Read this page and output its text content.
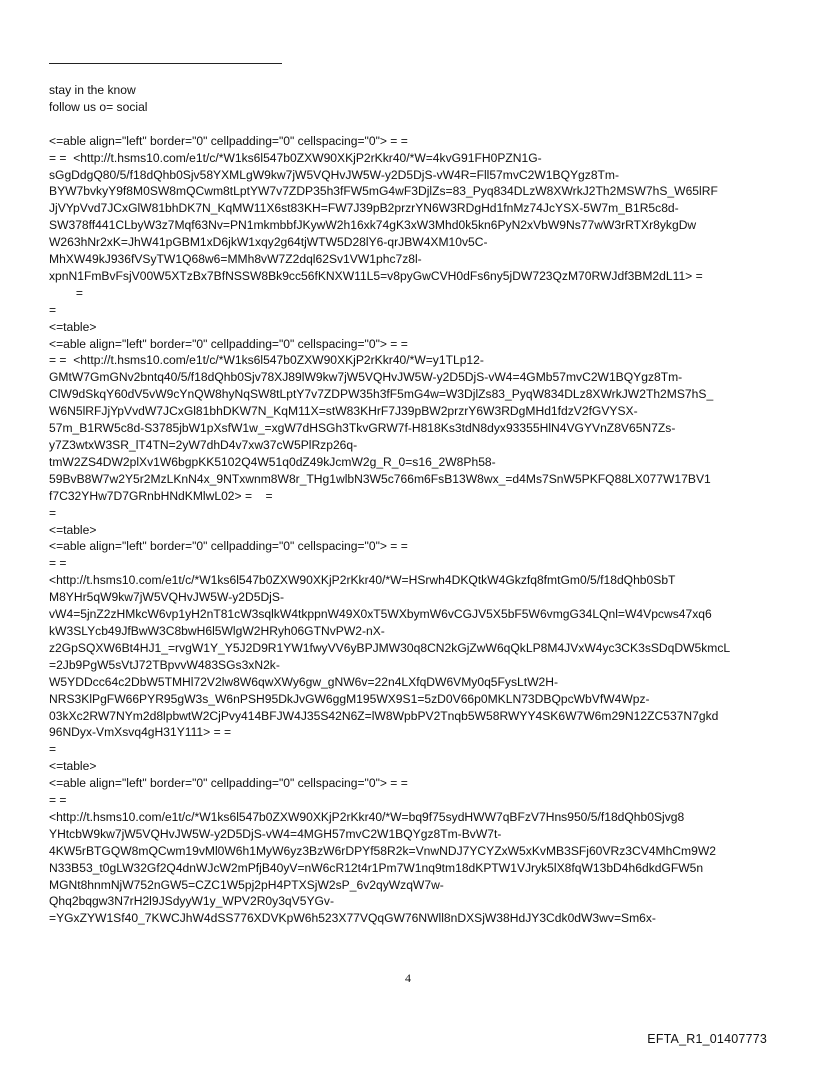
stay in the know
follow us o= social
<=able align="left" border="0" cellpadding="0" cellspacing="0"> = =
= =  <http://t.hsms10.com/e1t/c/*W1ks6l547b0ZXW90XKjP2rKkr40/*W=4kvG91FH0PZN1G-
sGgDdgQ80/5/f18dQhb0Sjv58YXMLgW9kw7jW5VQHvJW5W-y2D5DjS-vW4R=Fll57mvC2W1BQYgz8Tm-
BYW7bvkyY9f8M0SW8mQCwm8tLptYW7v7ZDP35h3fFW5mG4wF3DjlZs=83_Pyq834DLzW8XWrkJ2Th2MSW7hS_W65lRF
JjVYpVvd7JCxGlW81bhDK7N_KqMW11X6st83KH=FW7J39pB2przrYN6W3RDgHd1fnMz74JcYSX-5W7m_B1R5c8d-
SW378ff441CLbyW3z7Mqf63Nv=PN1mkmbbfJKywW2h16xk74gK3xW3Mhd0k5kn6PyN2xVbW9Ns77wW3rRTXr8ykgDw
W263hNr2xK=JhW41pGBM1xD6jkW1xqy2g64tjWTW5D28lY6-qrJBW4XM10v5C-
MhXW49kJ936fVSyTW1Q68w6=MMh8vW7Z2dql62Sv1VW1phc7z8l-
xpnN1FmBvFsjV00W5XTzBx7BfNSSW8Bk9cc56fKNXW11L5=v8pyGwCVH0dFs6ny5jDW723QzM70RWJdf3BM2dL11> =
=
=
<=table>
<=able align="left" border="0" cellpadding="0" cellspacing="0"> = =
= =  <http://t.hsms10.com/e1t/c/*W1ks6l547b0ZXW90XKjP2rKkr40/*W=y1TLp12-
GMtW7GmGNv2bntq40/5/f18dQhb0Sjv78XJ89lW9kw7jW5VQHvJW5W-y2D5DjS-vW4=4GMb57mvC2W1BQYgz8Tm-
ClW9dSkqY60dV5vW9cYnQW8hyNqSW8tLptY7v7ZDPW35h3fF5mG4w=W3DjlZs83_PyqW834DLz8XWrkJW2Th2MS7hS_
W6N5lRFJjYpVvdW7JCxGl81bhDKW7N_KqM11X=stW83KHrF7J39pBW2przrY6W3RDgMHd1fdzV2fGVYSX-
57m_B1RW5c8d-S3785jbW1pXsfW1w_=xgW7dHSGh3TkvGRW7f-H818Ks3tdN8dyx93355HlN4VGYVnZ8V65N7Zs-
y7Z3wtxW3SR_lT4TN=2yW7dhD4v7xw37cW5PlRzp26q-
tmW2ZS4DW2plXv1W6bgpKK5102Q4W51q0dZ49kJcmW2g_R_0=s16_2W8Ph58-
59BvB8W7w2Y5r2MzLKnN4x_9NTxwnm8W8r_THg1wlbN3W5c766m6FsB13W8wx_=d4Ms7SnW5PKFQ88LX077W17BV1
f7C32YHw7D7GRnbHNdKMlwL02> =    =
=
<=table>
<=able align="left" border="0" cellpadding="0" cellspacing="0"> = =
= =
<http://t.hsms10.com/e1t/c/*W1ks6l547b0ZXW90XKjP2rKkr40/*W=HSrwh4DKQtkW4Gkzfq8fmtGm0/5/f18dQhb0SbT
M8YHr5qW9kw7jW5VQHvJW5W-y2D5DjS-
vW4=5jnZ2zHMkcW6vp1yH2nT81cW3sqlkW4tkppnW49X0xT5WXbymW6vCGJV5X5bF5W6vmgG34LQnl=W4Vpcws47xq6
kW3SLYcb49JfBwW3C8bwH6l5WlgW2HRyh06GTNvPW2-nX-
z2GpSQXW6Bt4HJ1_=rvgW1Y_Y5J2D9R1YW1fwyVV6yBPJMW30q8CN2kGjZwW6qQkLP8M4JVxW4yc3CK3sSDqDW5kmcL
=2Jb9PgW5sVtJ72TBpvvW483SGs3xN2k-
W5YDDcc64c2DbW5TMHl72V2lw8W6qwXWy6gw_gNW6v=22n4LXfqDW6VMy0q5FysLtW2H-
NRS3KlPgFW66PYR95gW3s_W6nPSH95DkJvGW6ggM195WX9S1=5zD0V66p0MKLN73DBQpcWbVfW4Wpz-
03kXc2RW7NYm2d8lpbwtW2CjPvy414BFJW4J35S42N6Z=lW8WpbPV2Tnqb5W58RWYY4SK6W7W6m29N12ZC537N7gkd
96NDyx-VmXsvq4gH31Y111> = =
=
<=table>
<=able align="left" border="0" cellpadding="0" cellspacing="0"> = =
= =
<http://t.hsms10.com/e1t/c/*W1ks6l547b0ZXW90XKjP2rKkr40/*W=bq9f75sydHWW7qBFzV7Hns950/5/f18dQhb0Sjvg8
YHtcbW9kw7jW5VQHvJW5W-y2D5DjS-vW4=4MGH57mvC2W1BQYgz8Tm-BvW7t-
4KW5rBTGQW8mQCwm19vMl0W6h1MyW6yz3BzW6rDPYf58R2k=VnwNDJ7YCYZxW5xKvMB3SFj60VRz3CV4MhCm9W2
N33B53_t0gLW32Gf2Q4dnWJcW2mPfjB40yV=nW6cR12t4r1Pm7W1nq9tm18dKPTW1VJryk5lX8fqW13bD4h6dkdGFW5n
MGNt8hnmNjW752nGW5=CZC1W5pj2pH4PTXSjW2sP_6v2qyWzqW7w-
Qhq2bqgw3N7rH2l9JSdyyW1y_WPV2R0y3qV5YGv-
=YGxZYW1Sf40_7KWCJhW4dSS776XDVKpW6h523X77VQqGW76NWll8nDXSjW38HdJY3Cdk0dW3wv=Sm6x-
4
EFTA_R1_01407773
